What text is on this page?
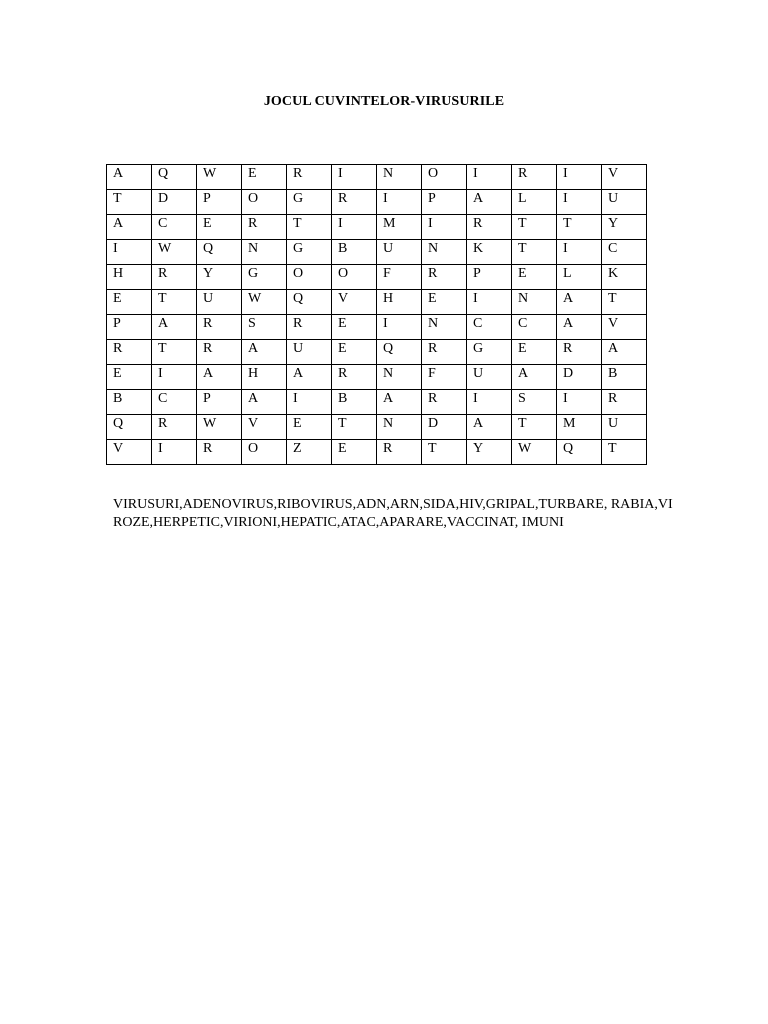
JOCUL CUVINTELOR-VIRUSURILE
A	Q	W	E	R	I	N	O	I	R	I	V
T	D	P	O	G	R	I	P	A	L	I	U
A	C	E	R	T	I	M	I	R	T	T	Y
I	W	Q	N	G	B	U	N	K	T	I	C
H	R	Y	G	O	O	F	R	P	E	L	K
E	T	U	W	Q	V	H	E	I	N	A	T
P	A	R	S	R	E	I	N	C	C	A	V
R	T	R	A	U	E	Q	R	G	E	R	A
E	I	A	H	A	R	N	F	U	A	D	B
B	C	P	A	I	B	A	R	I	S	I	R
Q	R	W	V	E	T	N	D	A	T	M	U
V	I	R	O	Z	E	R	T	Y	W	Q	T
VIRUSURI,ADENOVIRUS,RIBOVIRUS,ADN,ARN,SIDA,HIV,GRIPAL,TURBARE, RABIA,VIROZE,HERPETIC,VIRIONI,HEPATIC,ATAC,APARARE,VACCINAT, IMUNI
